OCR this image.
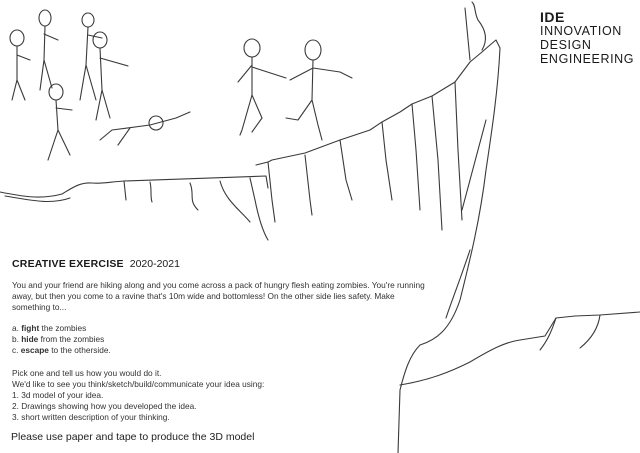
IDE
INNOVATION
DESIGN
ENGINEERING
CREATIVE EXERCISE 2020-2021
You and your friend are hiking along and you come across a pack of hungry flesh eating zombies. You're running away, but then you come to a ravine that's 10m wide and bottomless! On the other side lies safety. Make something to...
a. fight the zombies
b. hide from the zombies
c. escape to the otherside.
Pick one and tell us how you would do it.
We'd like to see you think/sketch/build/communicate your idea using:
1. 3d model of your idea.
2. Drawings showing how you developed the idea.
3. short written description of your thinking.
Please use paper and tape to produce the 3D model
